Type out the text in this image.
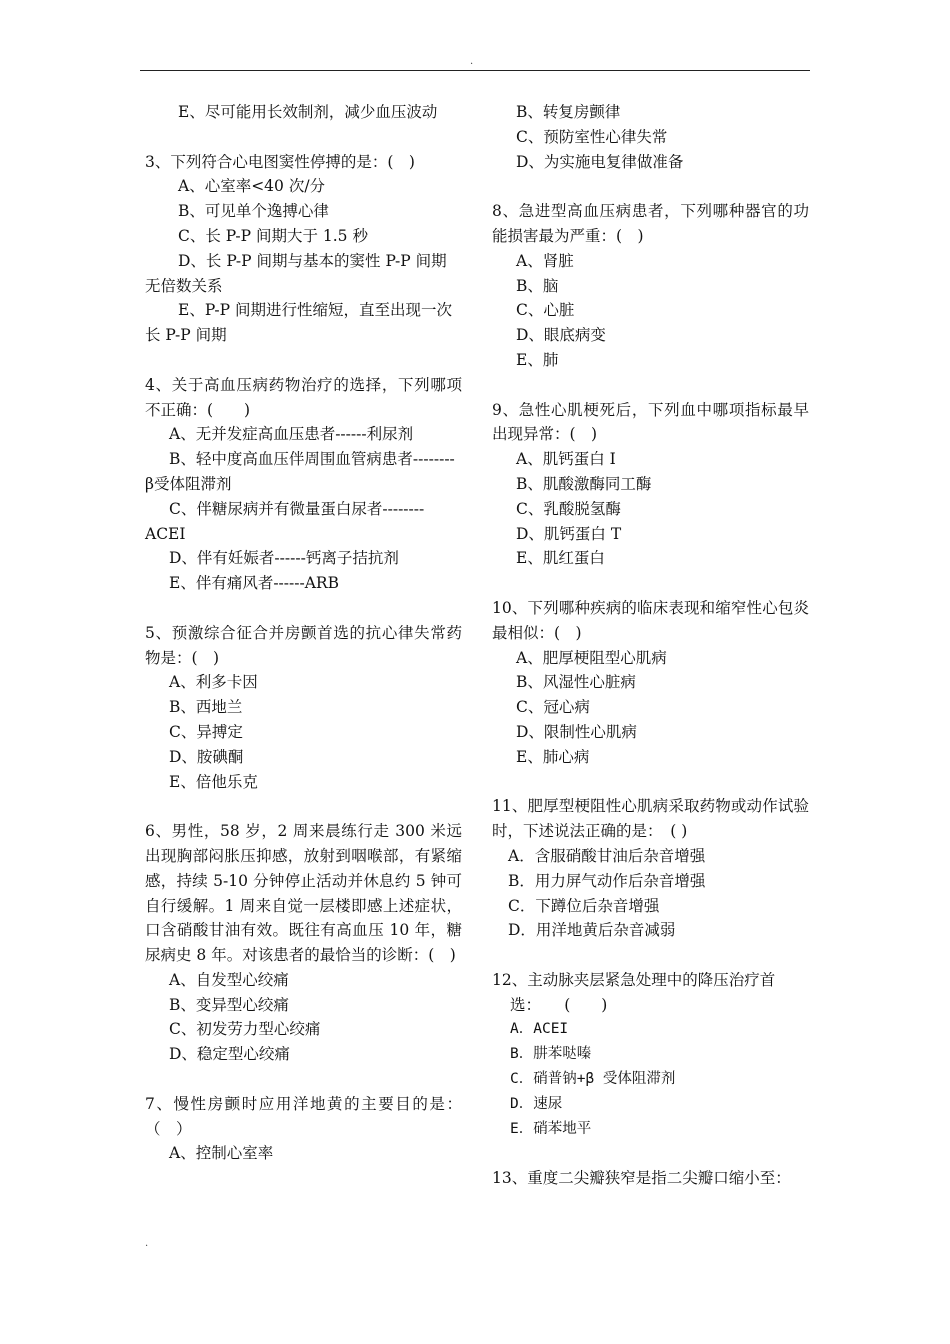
.

E、尽可能用长效制剂，减少血压波动

3、下列符合心电图窦性停搏的是：(　)

A、心室率<40 次/分

B、可见单个逸搏心律

C、长 P-P 间期大于 1.5 秒

D、长 P-P 间期与基本的窦性 P-P 间期无倍数关系

E、P-P 间期进行性缩短，直至出现一次长 P-P 间期

4、关于高血压病药物治疗的选择，下列哪项不正确：(　　)

A、无并发症高血压患者------利尿剂

B、轻中度高血压伴周围血管病患者--------β受体阻滞剂

C、伴糖尿病并有微量蛋白尿者--------ACEI

D、伴有妊娠者------钙离子拮抗剂

E、伴有痛风者------ARB

5、预激综合征合并房颤首选的抗心律失常药物是：(　)

A、利多卡因

B、西地兰

C、异搏定

D、胺碘酮

E、倍他乐克

6、男性，58 岁，2 周来晨练行走 300 米远出现胸部闷胀压抑感，放射到咽喉部，有紧缩感，持续 5-10 分钟停止活动并休息约 5 钟可自行缓解。1 周来自觉一层楼即感上述症状，口含硝酸甘油有效。既往有高血压 10 年，糖尿病史 8 年。对该患者的最恰当的诊断：(　)

A、自发型心绞痛

B、变异型心绞痛

C、初发劳力型心绞痛

D、稳定型心绞痛

7、慢性房颤时应用洋地黄的主要目的是：（　）

A、控制心室率

B、转复房颤律

C、预防室性心律失常

D、为实施电复律做准备

8、急进型高血压病患者，下列哪种器官的功能损害最为严重：(　)

A、肾脏

B、脑

C、心脏

D、眼底病变

E、肺

9、急性心肌梗死后，下列血中哪项指标最早出现异常：(　)

A、肌钙蛋白 I

B、肌酸激酶同工酶

C、乳酸脱氢酶

D、肌钙蛋白 T

E、肌红蛋白

10、下列哪种疾病的临床表现和缩窄性心包炎最相似：(　)

A、肥厚梗阻型心肌病

B、风湿性心脏病

C、冠心病

D、限制性心肌病

E、肺心病

11、肥厚型梗阻性心肌病采取药物或动作试验时，下述说法正确的是：　( )

A．含服硝酸甘油后杂音增强

B．用力屏气动作后杂音增强

C．下蹲位后杂音增强

D．用洋地黄后杂音减弱

12、主动脉夹层紧急处理中的降压治疗首

选：　　(　　)

A．ACEI

B．肼苯哒嗪

C．硝普钠+β 受体阻滞剂

D．速尿

E．硝苯地平

13、重度二尖瓣狭窄是指二尖瓣口缩小至：

.
